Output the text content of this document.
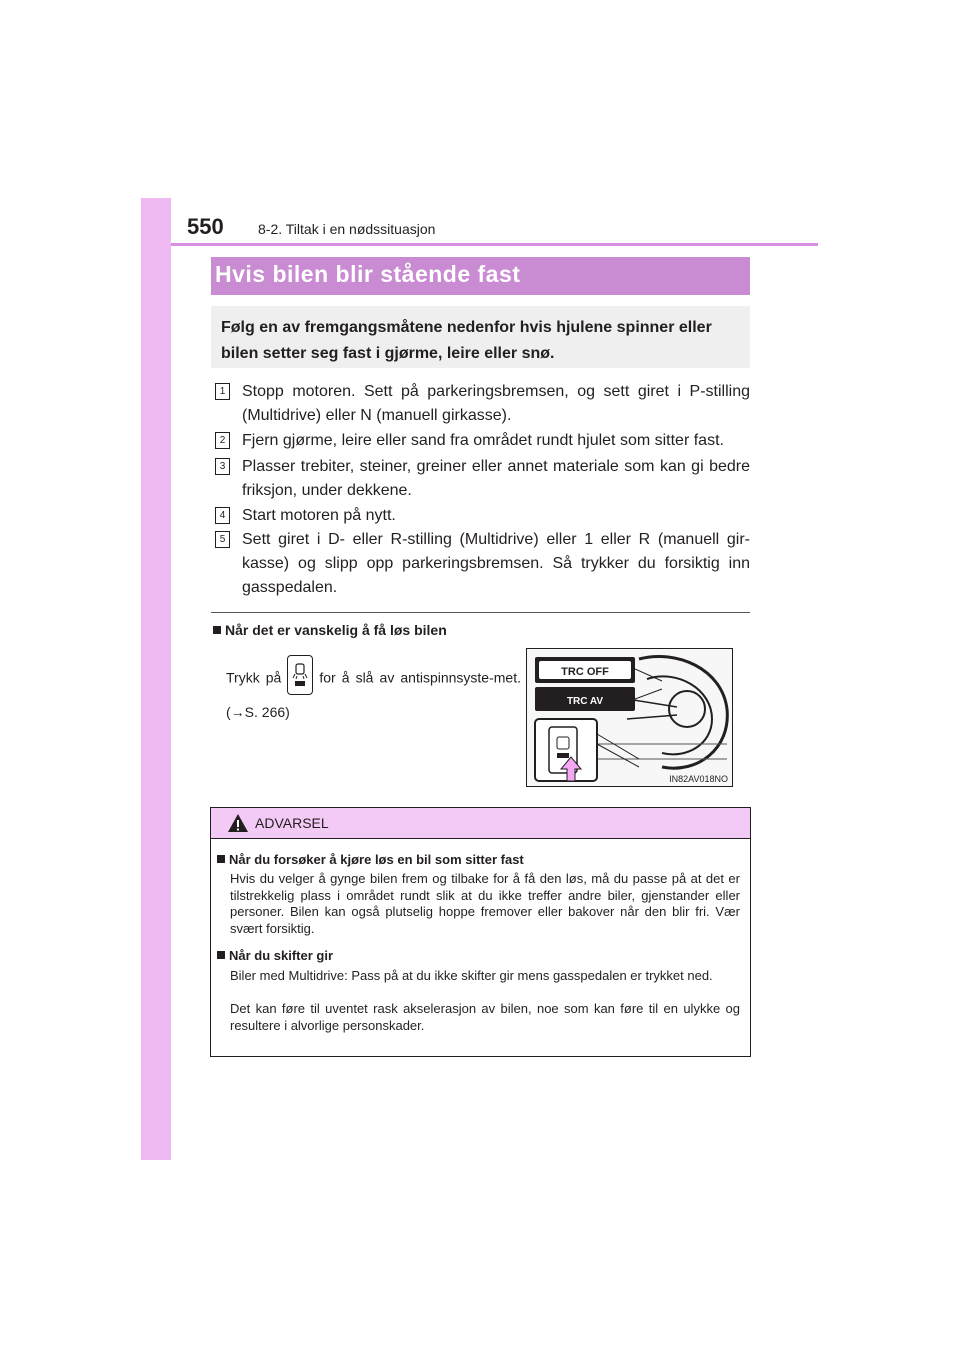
550 8-2. Tiltak i en nødssituasjon
Hvis bilen blir stående fast

Følg en av fremgangsmåtene nedenfor hvis hjulene spinner eller bilen setter seg fast i gjørme, leire eller snø.

1 Stopp motoren. Sett på parkeringsbremsen, og sett giret i P-stilling (Multidrive) eller N (manuell girkasse).
2 Fjern gjørme, leire eller sand fra området rundt hjulet som sitter fast.
3 Plasser trebiter, steiner, greiner eller annet materiale som kan gi bedre friksjon, under dekkene.
4 Start motoren på nytt.
5 Sett giret i D- eller R-stilling (Multidrive) eller 1 eller R (manuell gir-kasse) og slipp opp parkeringsbremsen. Så trykker du forsiktig inn gasspedalen.
Når det er vanskelig å få løs bilen
Trykk på	for å slå av antispinnsyste-met. (→S. 266)
TRC OFF
TRC AV
IN82AV018NO
ADVARSEL
Når du forsøker å kjøre løs en bil som sitter fast
Hvis du velger å gynge bilen frem og tilbake for å få den løs, må du passe på at det er tilstrekkelig plass i området rundt slik at du ikke treffer andre biler, gjenstander eller personer. Bilen kan også plutselig hoppe fremover eller bakover når den blir fri. Vær svært forsiktig.
Når du skifter gir
Biler med Multidrive: Pass på at du ikke skifter gir mens gasspedalen er trykket ned.
Det kan føre til uventet rask akselerasjon av bilen, noe som kan føre til en ulykke og resultere i alvorlige personskader.
